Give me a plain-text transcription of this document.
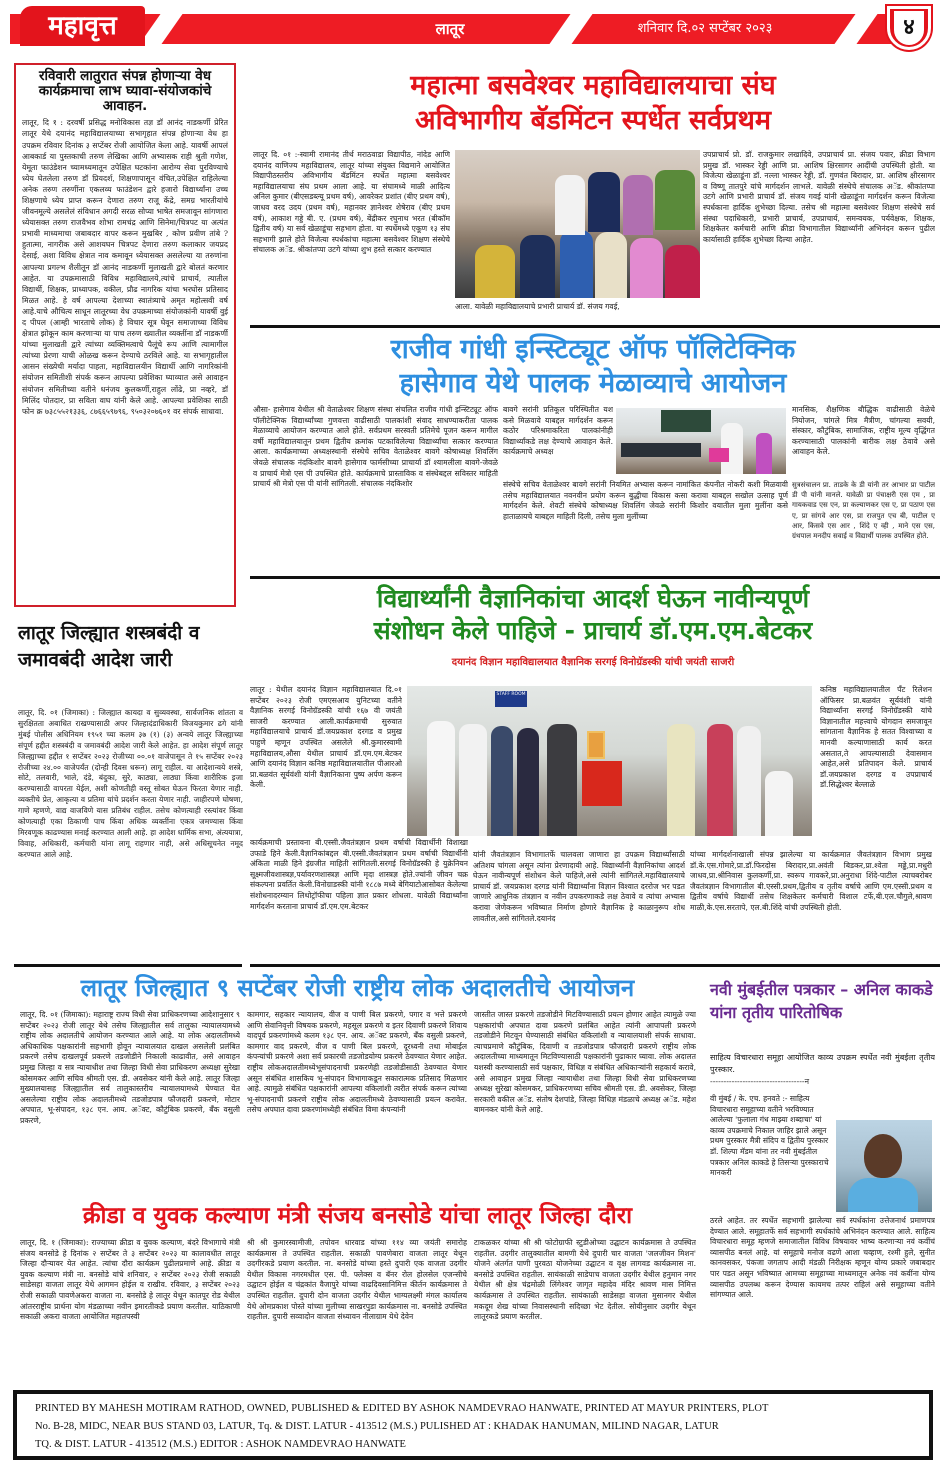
महावृत्त	लातूर	शनिवार दि.०२ सप्टेंबर २०२३	४
रविवारी लातुरात संपन्न होणाऱ्या वेध कार्यक्रमाचा लाभ घ्यावा-संयोजकांचे आवाहन.
लातूर, दि १ : दरवर्षी प्रसिद्ध मनोविकास तज्ञ डॉ आनंद नाडकर्णी प्रेरित लातूर येथे दयानंद महाविद्यालयाच्या सभागृहात संपन्न होणाऱ्या वेध हा उपक्रम रविवार दिनांक ३ सप्टेंबर रोजी आयोजित केला आहे. यावर्षी आपलं आबकार्ड या पुस्तकाची तरुण लेखिका आणि अभ्यासक राही श्रुती गणेश, येमूता फाउंडेशन च्यामध्यमातून उपेक्षित घटकांना आरोग्य सेवा पुरविण्याचे ध्येय घेतलेला तरुण डॉ प्रियदर्श, शिक्षणापासून वंचित,उपेक्षित राहिलेल्या अनेक तरुण तरुणींना एकलव्य फाउंडेशन द्वारे हजारो विद्यार्थ्यांना उच्च शिक्षणाचे ध्येय प्राप्त करून देणारा तरुण राजू केंद्रे, समग्र भारतीयांचे जीवनमूल्ये असलेलं संविधान अगदी सरळ सोप्या भाषेत समजावून सांगणारा ध्येयासक्त तरुण राजवैभव शोभा रामचंद्र आणि सिनेमा/चित्रपट या अत्यंत प्रभावी माध्यमाचा जबाबदार वापर करून मुखबिर , कोण प्रवीण तांबे ? हुतात्मा, नागरीक असे आशयघन चित्रपट देणारा तरुण कलाकार जयप्रद देसाई, अशा विविध क्षेत्रात नाव कमावून ध्येयासक्त असलेल्या या तरुणांना आपल्या प्रगल्भ शैलीतून डॉ आनंद नाडकर्णी मुलाखती द्वारे बोलतं करणार आहेत. या उपक्रमासाठी विविध महाविद्यालये,त्यांचे प्राचार्य, त्यातील विद्यार्थी, शिक्षक, प्राध्यापक, वकील, प्रौढ नागरिक यांचा भरघोस प्रतिसाद मिळत आहे. हे वर्ष आपल्या देशाच्या स्वातंत्र्याचे अमृत महोत्सवी वर्ष आहे.याचे औचित्य साधून लातूरच्या वेध उपक्रमाच्या संयोजकांनी यावर्षी वुई द पीपल (आम्ही भारताचे लोक) हे विचार सूत्र घेवून समाजाच्या विविध क्षेत्रात झोकून काम करणाऱ्या या पाच तरुण ख्यातील व्यक्तींना डॉ नाडकर्णी यांच्या मुलाखती द्वारे त्यांच्या व्यक्तिमत्वाचे पैलूंचे रूप आणि त्यामागील त्यांच्या प्रेरणा याची ओळख करून देण्याचे ठरविले आहे. या सभागृहातील आसन संख्येची मर्यादा पाहता, महाविद्यालयीन विद्यार्थी आणि नागरिकांनी संयोजन समितीशी संपर्क करून आपल्या प्रवेशिका घ्याव्यात असे आवाहन संयोजन समितीच्या वतीने धनंजय कुलकर्णी,राहुल लोंढे, प्रा नव्हरे, डॉ मिलिंद पोतदार, प्रा सविता वाघ यांनी केले आहे. आपल्या प्रवेशिका साठी फोन क्र ७३८५५२१३३६, ८७६६५९७९६, ९५०३२०७६०१ वर संपर्क साधावा.
महात्मा बसवेश्वर महाविद्यालयाचा संघ
अविभागीय बॅडमिंटन स्पर्धेत सर्वप्रथम
लातूर दि. ०१ :-स्वामी रामानंद तीर्थ मराठवाडा विद्यापीठ, नांदेड आणि दयानंद वाणिज्य महाविद्यालय, लातूर यांच्या संयुक्त विद्यमाने आयोजित विद्यापीठस्तरीय अविभागीय बॅडमिंटन स्पर्धेत महात्मा बसवेश्वर महाविद्यालयाचा संघ प्रथम आला आहे. या संघामध्ये माळी आदित्य अनिल कुमार (बीएसडब्ल्यू प्रथम वर्ष), आवरेकर प्रशांत (बीए प्रथम वर्ष), जाधव वरद उदय (प्रथम वर्ष), महानवर ज्ञानेश्वर शेषेराव (बीए प्रथम वर्ष), आकाश गड्डे बी. ए. (प्रथम वर्ष), बेंद्रीकर रघुनाथ भरत (बीकॉम द्वितीय वर्ष) या सर्व खेळाडूंचा सहभाग होता. या स्पर्धेमध्ये एकूण १३ संघ सहभागी झाले होते विजेत्या स्पर्धकांचा महात्मा बसवेश्वर शिक्षण संस्थेचे संचालक अॅड. श्रीकांतप्पा उटगे यांच्या शुभ हस्ते सत्कार करण्यात
आला. यावेळी महाविद्यालयाचे प्रभारी प्राचार्य डॉ. संजय गवई,
उपप्राचार्य प्रो. डॉ. राजकुमार लखादिवे, उपप्राचार्य प्रा. संजय पवार, क्रीडा विभाग प्रमुख डॉ. भास्कर रेड्डी आणि प्रा. आशिष क्षिरसागर आदींची उपस्थिती होती. या विजेत्या खेळाडूंना डॉ. नल्ला भास्कर रेड्डी, डॉ. गुणवंत बिरादार, प्रा. आशिष क्षीरसागर व विष्णू तातपुरे यांचे मार्गदर्शन लाभले. यावेळी संस्थेचे संचालक अॅड. श्रीकांतप्पा उटगे आणि प्रभारी प्राचार्य डॉ. संजय गवई यांनी खेळाडूंना मार्गदर्शन करून विजेत्या स्पर्धकाना हार्दिक शुभेच्छा दिल्या. तसेच श्री महात्मा बसवेश्वर शिक्षण संस्थेचे सर्व संस्था पदाधिकारी, प्रभारी प्राचार्य, उपप्राचार्य, समन्वयक, पर्यवेक्षक, शिक्षक, शिक्षकेतर कर्मचारी आणि क्रीडा विभागातील विद्यार्थ्यांनी अभिनंदन करून पुढील कार्यासाठी हार्दिक शुभेच्छा दिल्या आहेत.
राजीव गांधी इन्स्टिट्यूट ऑफ पॉलिटेक्निक
हासेगाव येथे पालक मेळाव्याचे आयोजन
औसा- हासेगाव येथील श्री वेताळेश्वर शिक्षण संस्था संचलित राजीव गांधी इन्स्टिट्यूट ऑफ पॉलीटेक्निक विद्यार्थ्यांच्या गुणवत्ता वाढीसाठी पालकांशी संवाद साधण्याकरीता पालक मेळाव्याचे आयोजन करण्यात आले होते. सर्वप्रथम सरस्वती प्रतिमेचे पूजन करून मागील वर्षी महाविद्यालयातून प्रथम द्वितीय क्रमांक पटकाविलेल्या विद्यार्थ्यांचा सत्कार करण्यात आला. कार्यक्रमाच्या अध्यक्षस्थानी संस्थेचे सचिव वेताळेश्वर बावगे कोषाध्यक्ष शिवलिंग जेवळे संचालक नंदकिशोर बावगे हासेगाव फार्मसीच्या प्राचार्या डॉ श्यामलीला बावगे-जेवळे व प्राचार्य मेत्रो एस पी उपस्थित होते. कार्यक्रमाचे प्रास्ताविक व संस्थेबद्दल सविस्तर माहिती प्राचार्य श्री मेत्रो एस पी यांनी सांगितली. संचालक नंदकिशोर
बावगे सरांनी प्रतिकूल परिस्थितीत यश कसे मिळवावे याबद्दल मार्गदर्शन करून कठोर परिश्रमाकरिता पालकांनीही विद्यार्थ्यांकडे लक्ष देण्याचे आवाहन केले. कार्यक्रमाचे अध्यक्ष
संस्थेचे सचिव वेताळेश्वर बावगे सरांनी नियमित अभ्यास करून नामांकित कंपनीत नोकरी कशी मिळवावी तसेच महाविद्यालयात नवनवीन प्रयोग करून बुद्धीचा विकास कसा करावा याबद्दल सखोल उत्साह पूर्ण मार्गदर्शन केले. शेवटी संस्थेचे कोषाध्यक्ष शिवलिंग जेवळे सरांनी किशोर वयातील मुला मुलींना कसे हाताळायचे याबद्दल माहिती दिली, तसेच मुला मुलींच्या
मानसिक, शैक्षणिक बौद्धिक वाढीसाठी वेळेचे नियोजन, चांगले मित्र मैत्रीण, चांगल्या सवयी, संस्कार, कौटुंबिक, सामाजिक, राष्ट्रीय मूल्य वृद्धिंगत करण्यासाठी पालकांनी बारीक लक्ष ठेवावे असे आवाहन केले.
सुत्रसंचालन प्रा. ताडके के डी यांनी तर आभार प्रा पाटील डी पी यांनी मानले. यावेळी प्रा पंचाक्षरी एस एम , प्रा गायकवाड एस एन, प्रा कल्याणकर एस ए, प्रा पठाण एस ए, प्रा सांगवे आर एस, प्रा राजपुत एच बी, पाटील ए आर, किसवे एस आर , शिंदे ए व्ही , माने एस एस, ग्रंथपाल मनदीप सवाई व विद्यार्थी पालक उपस्थित होते.
लातूर जिल्ह्यात शस्त्रबंदी व जमावबंदी आदेश जारी
लातूर, दि. ०१ (जिमाका) : जिल्ह्यात कायदा व सुव्यवस्था, सार्वजनिक शांतता व सुरक्षितता अबाधित राखण्यासाठी अपर जिल्हादंडाधिकारी विजयकुमार ढगे यांनी मुंबई पोलीस अधिनियम १९५१ च्या कलम ३७ (१) (३) अन्वये लातूर जिल्ह्याच्या संपूर्ण हद्दीत शस्त्रबंदी व जमावबंदी आदेश जारी केले आहेत. हा आदेश संपूर्ण लातूर जिल्ह्याच्या हद्दीत १ सप्टेंबर २०२३ रोजीच्या ००.०१ वाजेपासून ते १५ सप्टेंबर २०२३ रोजीच्या २४.०० वाजेपर्यंत (दोन्ही दिवस धरून) लागू राहील. या आदेशान्वये शस्त्रे, सोटे, तलवारी, भाले, दंडे, बंदुका, सुरे, काठ्या, लाठ्या किंवा शारीरिक इजा करण्यासाठी वापरता येईल, अशी कोणतीही वस्तू सोबत घेऊन फिरता येणार नाही. व्यक्तीचे प्रेत, आकृत्या व प्रतिमा यांचे प्रदर्शन करता येणार नाही. जाहीरपणे घोषणा, गाणे म्हणणे, वाद्य वाजविणे यास प्रतिबंध राहील. तसेच कोणत्याही रस्त्यांवर किंवा कोणत्याही एका ठिकाणी पाच किंवा अधिक व्यक्तींना एकत्र जमण्यास किंवा मिरवणूक काढण्यास मनाई करण्यात आली आहे. हा आदेश धार्मिक सभा, अंत्ययात्रा, विवाह, अधिकारी, कर्मचारी यांना लागू राहणार नाही, असे अधिसूचनेत नमूद करण्यात आले आहे.
विद्यार्थ्यांनी वैज्ञानिकांचा आदर्श घेऊन नावीन्यपूर्ण
संशोधन केले पाहिजे - प्राचार्य डॉ.एम.एम.बेटकर
दयानंद विज्ञान महाविद्यालयात वैज्ञानिक सरगई विनोग्रॅडस्की यांची जयंती साजरी
लातूर : येथील दयानंद विज्ञान महाविद्यालयात दि.०१ सप्टेंबर २०२३ रोजी एमएसआय युनिटच्या वतीने वैज्ञानिक सरगई विनोग्रॅडस्की यांची १६७ वी जयंती साजरी करण्यात आली.कार्यक्रमाची सुरुवात महाविद्यालयाचे प्राचार्य डॉ.जयप्रकाश दरगड व प्रमुख पाहुणे म्हणून उपस्थित असलेले श्री.कुमारस्वामी महाविद्यालय,औसा येथील प्राचार्य डॉ.एम.एम.बेटकर आणि दयानंद विज्ञान कनिष्ठ महाविद्यालयातील पीआरओ प्रा.बळवंत सूर्यवंशी यांनी वैज्ञानिकाना पुष्प अर्पण करून केली.
STAFF ROOM
कार्यक्रमाची प्रस्तावना बी.एस्सी.जैवतंत्रज्ञान प्रथम वर्षाची विद्यार्थीनी विशाखा उफाडे हिने केली.वैज्ञानिकांबद्दल बी.एस्सी.जैवतंत्रज्ञान प्रथम वर्षाची विद्यार्थीनी अंकिता माळी हिने इंग्रजीत माहिती सांगितली.सरगई विनोग्रॅडस्की हे युक्रेनियन सूक्ष्मजीवशास्त्रज्ञ,पर्यावरणशास्त्रज्ञ आणि मृदा शास्त्रज्ञ होते.ज्यांनी जीवन चक्र संकल्पना प्रवर्तित केली.विनोग्राडस्की यांनी १८८७ मध्ये बेगियाटोआसोबत केलेल्या संशोधनादरम्यान लिथोट्रॉफीचा पहिला ज्ञात प्रकार शोधला. यावेळी विद्यार्थ्यांना मार्गदर्शन करताना प्राचार्य डॉ.एम.एम.बेटकर
यांनी जैवतंत्रज्ञान विभागातर्फे चालवला जाणारा हा उपक्रम विद्यार्थ्यांसाठी अतिशय चांगला असून त्यांना प्रेरणादायी आहे. विद्यार्थ्यांनी वैज्ञानिकांचा आदर्श घेऊन नावीन्यपूर्ण संशोधन केले पाहिजे,असे त्यांनी सांगितले.महाविद्यालयाचे प्राचार्य डॉ. जयप्रकाश दरगड यांनी विद्यार्थ्यांना विज्ञान विश्वात दररोज भर पडत जाणारे आधुनिक तंत्रज्ञान व नवीन उपकरणाकडे लक्ष ठेवावे व त्यांचा अभ्यास करावा जेणेकरून भविष्यात निर्माण होणारे वैज्ञानिक हे काळानुरूप शोध लावतील,असे सांगितले.दयानंद
कनिष्ठ महाविद्यालयातील पँट रिलेशन ऑफिसर प्रा.बळवंत सूर्यवंशी यांनी विद्यार्थ्यांना सरगई विनोग्रॅडस्की यांचे विज्ञानातील महत्त्वाचे योगदान समजावून सांगताना वैज्ञानिक हे सतत विश्वाच्या व मानवी कल्याणासाठी कार्य करत असतात,ते आपल्यासाठी देवासमान आहेत,असे प्रतिपादन केले. प्राचार्य डॉ.जयप्रकाश दरगड व उपप्राचार्य डॉ.सिद्धेश्वर बेल्लाळे
यांच्या मार्गदर्शनाखाली संपन्न झालेल्या या कार्यक्रमात जैवतंत्रज्ञान विभाग प्रमुख डॉ.के.एस.गोमारे,प्रा.डॉ.फिरदोस बिरादार,प्रा.अवंती बिडकर,प्रा.श्वेता मढ्ढे,प्रा.मधुरी जाधव,प्रा.श्रीनिवास कुलकर्णी,प्रा. स्वरूप गावकरे,प्रा.अनुराधा शिंदे-पाटील त्याचबरोबर जैवतंत्रज्ञान विभागातील बी.एस्सी.प्रथम,द्वितीय व तृतीय वर्षाचे आणि एम.एस्सी.प्रथम व द्वितीय वर्षाचे विद्यार्थी तसेच शिक्षकेतर कर्मचारी विशाल टर्फे,बी.एल.चौगुले,श्रावण माळी,के.एस.सरतापे, एल.बी.शिंदे यांची उपस्थिती होती.
लातूर जिल्ह्यात ९ सप्टेंबर रोजी राष्ट्रीय लोक अदालतीचे आयोजन
लातूर, दि. ०१ (जिमाका): महाराष्ट्र राज्य विधी सेवा प्राधिकरणच्या आदेशानुसार ९ सप्टेंबर २०२३ रोजी लातूर येथे तसेच जिल्ह्यातील सर्व तालुका न्यायालयामध्ये राष्ट्रीय लोक अदालतीचे आयोजन करण्यात आले आहे. या लोक अदालतीमध्ये अधिकाधिक पक्षकारांनी सहभागी होवून न्यायालयात दाखल असलेली प्रलंबित प्रकरणे तसेच दाखलपूर्व प्रकरणे तडजोडीने निकाली काढावीत, असे आवाहन प्रमुख जिल्हा व सत्र न्यायाधीश तथा जिल्हा विधी सेवा प्राधिकरण अध्यक्षा सुरेखा कोसमकर आणि सचिव श्रीमती एस. डी. अवसेकर यांनी केले आहे. लातूर जिल्हा मुख्यालयासह जिल्ह्यातील सर्व तालुकास्तरीय न्यायालयामध्ये घेण्यात येत असलेल्या राष्ट्रीय लोक अदालतीमध्ये तडजोडपात्र फौजदारी प्रकरणे, मोटार अपघात, भू-संपादन, १३८ एन. आय. अॅक्ट, कौटुंबिक प्रकरणे, बँक वसुली प्रकरणे,
कामगार, सहकार न्यायालय, वीज व पाणी बिल प्रकरणे, पगार व भत्ते प्रकरणे आणि सेवानिवृत्ती विषयक प्रकरणे, महसूल प्रकरणे व इतर दिवाणी प्रकरणे शिवाय वादपूर्व प्रकरणांमध्ये कलम १३८ एन. आय. अॅक्ट प्रकरणे, बँक वसुली प्रकरणे, कामगार वाद प्रकरणे, वीज व पाणी बिल प्रकरणे, दूरध्वनी तथा मोबाईल कंपन्यांची प्रकरणे अशा सर्व प्रकारची तडजोडयोग्य प्रकरणे ठेवण्यात येणार आहेत. राष्ट्रीय लोकअदालतीमध्येभूसंपादनाची प्रकरणेही तडजोडीसाठी ठेवण्यात येणार असून संबंधित शासकिय भू-संपादन विभागाकडून सकारात्मक प्रतिसाद मिळणार आहे. त्यामुळे संबंधित पक्षकारांनी आपल्या वकिलांशी त्वरीत संपर्क करून त्यांच्या भू-संपादनाची प्रकरणे राष्ट्रीय लोक अदालतीमध्ये ठेवण्यासाठी प्रयत्न करावेत. तसेच अपघात दावा प्रकरणांमध्येही संबंधित विमा कंपन्यांनी
जास्तीत जास्त प्रकरणे तडजोडीने मिटविण्यासाठी प्रयत्न होणार आहेत त्यामुळे ज्या पक्षकारांची अपघात दावा प्रकरणे प्रलंबित आहेत त्यांनी आपापली प्रकरणे तडजोडीने मिटवून घेण्यासाठी संबंधित वकिलांशी व न्यायालयाशी संपर्क साधावा. त्याचप्रमाणे कौटुंबिक, दिवाणी व तडजोडपात्र फौजदारी प्रकरणे राष्ट्रीय लोक अदालतीच्या माध्यमातून मिटविण्यासाठी पक्षकारांनी पुढाकार घ्यावा. लोक अदालत यशस्वी करण्यासाठी सर्व पक्षकार, विधिज्ञ व संबंधित अधिकाऱ्यांनी सहकार्य करावे, असे आवाहन प्रमुख जिल्हा न्यायाधीश तथा जिल्हा विधी सेवा प्राधिकरणच्या अध्यक्ष सुरेखा कोसमकर, प्राधिकरणच्या सचिव श्रीमती एस. डी. अवसेकर, जिल्हा सरकारी वकील अॅड. संतोष देशपांडे, जिल्हा विधिज्ञ मंडळाचे अध्यक्ष अॅड. महेश बामनकर यांनी केले आहे.
नवी मुंबईतील पत्रकार – अनिल काकडे यांना तृतीय पारितोषिक
साहित्य विचारधारा समूहा आयोजित काव्य उपक्रम स्पर्धेत नवी मुंबईला तृतीय पुरस्कार.
-----------------------------------न
वी मुंबई / के. एच. हनवते :- साहित्य विचारधारा समूहाच्या वतीने भरविण्यात आलेल्या 'फुलाला गंध माझ्या शब्दाचा' यां काव्य उपक्रमाचे निकाल जाहिर झाले असून प्रथम पुरस्कार मैत्री संदिप व द्वितीय पुरस्कार डॉ. शिल्पा मॅडम यांना तर नवी मुंबईतील पत्रकार अनिल काकडे हे तिसऱ्या पुरस्काराचे मानकरी
ठरले आहेत. तर स्पर्धेत सहभागी झालेल्या सर्व स्पर्धकांना उत्तेजनार्थ प्रमाणपत्र देण्यात आले. समूहातर्फे सर्व सहभागी स्पर्धकांचे अभिनंदन करण्यात आले. साहित्य विचारधारा समूह म्हणजे समाजातील विविध विषयावर भाष्य करणाऱ्या नवं कवींचं व्यासपीठ बनलं आहे. यां समूहाचे मनोज वढणे आशा चव्हाण, रश्मी हुले, सुनीत कानवसकर, पंकजा जगताप आदी मंडळी निरीक्षक म्हणून योग्य प्रकारे जबाबदार पार पडत असून भविष्यात आमच्या समूहाच्या माध्यमातून अनेक नवं कवींना योग्य व्यासपीठ उपलब्ध करून देण्यास कायमच तत्पर राहिलं असे समूहाच्या वतीने सांगण्यात आले.
क्रीडा व युवक कल्याण मंत्री संजय बनसोडे यांचा लातूर जिल्हा दौरा
लातूर, दि. १ (जिमाका): राज्याच्या क्रीडा व युवक कल्याण, बंदरे विभागाचे मंत्री संजय बनसोडे हे दिनांक २ सप्टेंबर ते ३ सप्टेंबर २०२३ या कालावधीत लातूर जिल्हा दौऱ्यावर येत आहेत. त्यांचा दौरा कार्यक्रम पुढीलप्रमाणे आहे. क्रीडा व युवक कल्याण मंत्री ना. बनसोडे यांचे शनिवार, २ सप्टेंबर २०२३ रोजी सकाळी साडेसहा वाजता लातूर येथे आगमन होईल व राखीव. रविवार, ३ सप्टेंबर २०२३ रोजी सकाळी पावणेअकरा वाजता ना. बनसोडे हे लातूर येथून कातपूर रोड येथील आंतरराष्ट्रीय प्रार्थना योग मंडळाच्या नवीन इमारतीकडे प्रयाण करतील. याठिकाणी सकाळी अकरा वाजता आयोजित महातपस्वी
श्री श्री कुमारस्वामीजी, तपोवन धारवाड यांच्या ११४ व्या जयंती समारोह कार्यक्रमास ते उपस्थित राहतील. सकाळी पावणेबारा वाजता लातूर येथून उदगीरकडे प्रयाण करतील. ना. बनसोडे यांच्या हस्ते दुपारी एक वाजता उदगीर येथील विकास नगरमधील एस. पी. फ्लेक्स व बॅनर रोल होलसेल एजन्सीचे उद्घाटन होईल व चंद्रकांत वैजापुरे यांच्या वाढदिवसानिमित्त कीर्तन कार्यक्रमास ते उपस्थित राहतील. दुपारी दोन वाजता उदगीर येथील भाग्यलक्ष्मी मंगल कार्यालय येथे ओमप्रकाश पोस्ते यांच्या मुलीच्या साखरपुडा कार्यक्रमास ना. बनसोडे उपस्थित राहतील. दुपारी सव्वादोन वाजता संध्यावन नीलाग्राम येथे देवेन
टाकळकर यांच्या श्री श्री फोटोग्राफी स्टुडीओच्या उद्घाटन कार्यक्रमास ते उपस्थित राहतील. उदगीर तालुक्यातील बामणी येथे दुपारी चार वाजता 'जलजीवन मिशन' योजने अंतर्गत पाणी पुरवठा योजनेच्या उद्घाटन व वृक्ष लागवड कार्यक्रमास ना. बनसोडे उपस्थित राहतील. सायंकाळी साडेपाच वाजता उदगीर येथील हनुमान नगर येथील श्री क्षेत्र चंद्रमोळी लिंगेश्वर जागृत महादेव मंदिर श्रावण मास निमित्त कार्यक्रमास ते उपस्थित राहतील. सायंकाळी साडेसहा वाजता मुसानगर येथील मकदूम शेख यांच्या निवासस्थानी सदिच्छा भेट देतील. सोयीनुसार उदगीर येथून लातूरकडे प्रयाण करतील.
PRINTED BY MAHESH MOTIRAM RATHOD, OWNED, PUBLISHED & EDITED BY ASHOK NAMDEVRAO HANWATE, PRINTED AT MAYUR PRINTERS, PLOT
No. B-28, MIDC, NEAR BUS STAND 03, LATUR, Tq. & DIST. LATUR - 413512 (M.S.) PULISHED AT : KHADAK HANUMAN, MILIND NAGAR, LATUR
TQ. & DIST. LATUR - 413512 (M.S.) EDITOR : ASHOK NAMDEVRAO HANWATE
